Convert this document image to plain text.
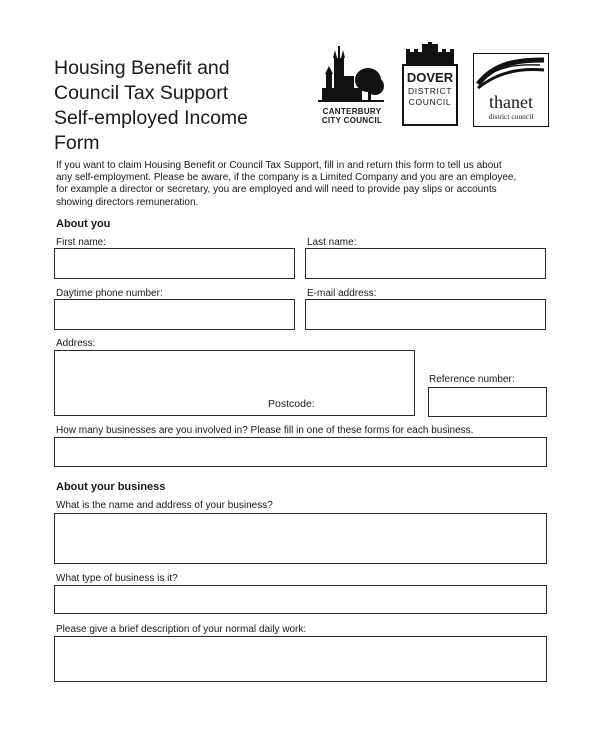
Housing Benefit and
Council Tax Support
Self-employed Income
Form
CANTERBURY
CITY COUNCIL
DOVER
DISTRICT
COUNCIL	thanet
district council

If you want to claim Housing Benefit or Council Tax Support, fill in and return this form to tell us about
any self-employment. Please be aware, if the company is a Limited Company and you are an employee,
for example a director or secretary, you are employed and will need to provide pay slips or accounts
showing directors remuneration.

About you
First name:	Last name:
Daytime phone number:	E-mail address:
Address:
Postcode:
Reference number:
How many businesses are you involved in? Please fill in one of these forms for each business.
About your business
What is the name and address of your business?
What type of business is it?
Please give a brief description of your normal daily work:
